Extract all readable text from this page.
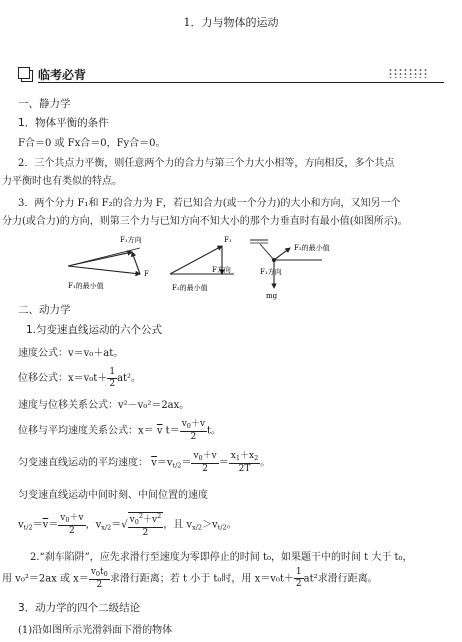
1．力与物体的运动
临考必背
一、静力学
1．物体平衡的条件
F合＝0 或 Fx合＝0，Fy合＝0。
2．三个共点力平衡，则任意两个力的合力与第三个力大小相等，方向相反，多个共点
力平衡时也有类似的特点。
3．两个分力 F₁和 F₂的合力为 F，若已知合力(或一个分力)的大小和方向，又知另一个
分力(或合力)的方向，则第三个力与已知方向不知大小的那个力垂直时有最小值(如图所示)。
F₁方向
F
F₁的最小值
F₁
F方向
F₂的最小值
F₂的最小值
F₁方向
mg
二、动力学
1.匀变速直线运动的六个公式
速度公式：v＝v₀＋at。
位移公式：$x=v_0t+ \frac{1}{2} at^2$。
速度与位移关系公式：v²－v₀²＝2ax。
位移与平均速度关系公式：$x= \overline{v}$ $t= \frac{v_0+v}{2}$ t。
匀变速直线运动的平均速度： $\overline{v}=v_{t/2}= \frac{v_0+v}{2} = \frac{x_1+x_2}{2T}$ 。
匀变速直线运动中间时刻、中间位置的速度
$v_{t/2}=\overline{v}= \frac{v_0+v}{2}$ ，$v_{x/2}=√ \frac{v_0^2+v^2}{2}$ ，且 $v_{x/2}>v_{t/2}$。
2.“刹车陷阱”，应先求滑行至速度为零即停止的时间 t₀，如果题干中的时间 t 大于 t₀，
用 v₀²＝2ax 或 $x= \frac{v_0t_0}{2}$ 求滑行距离；若 t 小于 t₀时，用 $x=v_0t+ \frac{1}{2} at^2$求滑行距离。
3．动力学的四个二级结论
(1)沿如图所示光滑斜面下滑的物体
